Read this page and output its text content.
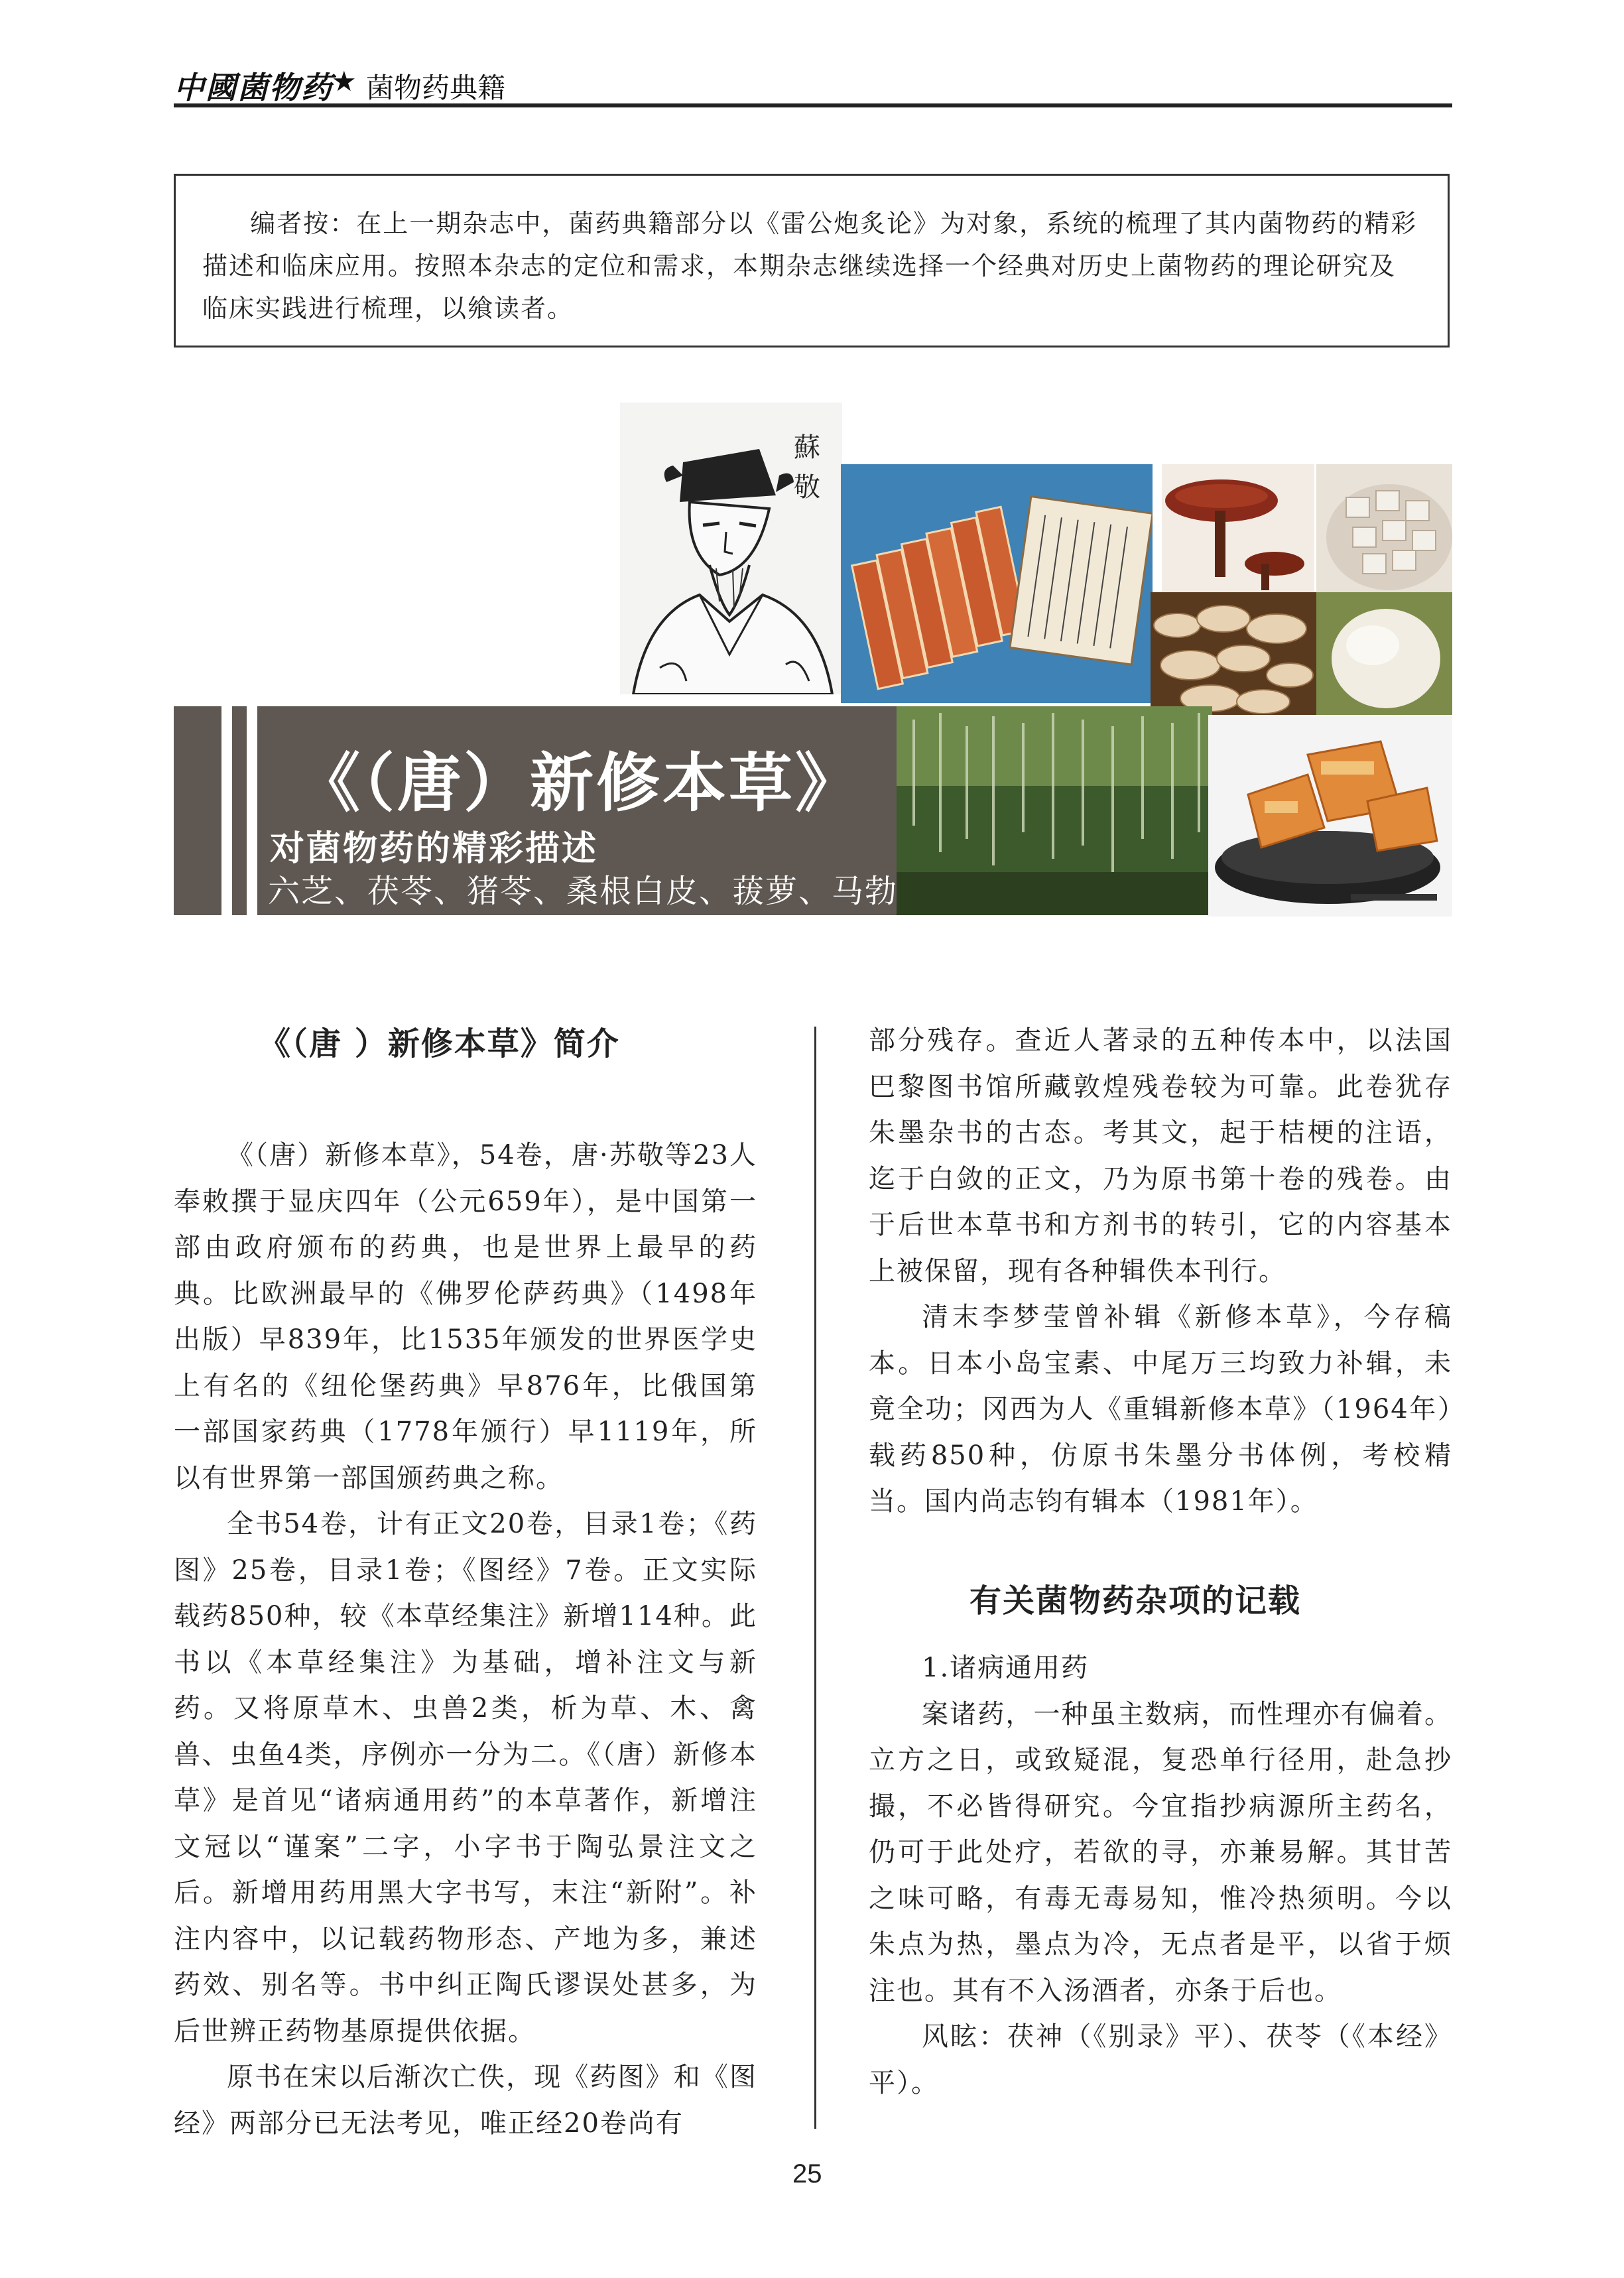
中國菌物药
★ 菌物药典籍

编者按：在上一期杂志中，菌药典籍部分以《雷公炮炙论》为对象，系统的梳理了其内菌物药的精彩描述和临床应用。按照本杂志的定位和需求，本期杂志继续选择一个经典对历史上菌物药的理论研究及临床实践进行梳理，以飨读者。

蘇敬
《（唐）新修本草》
对菌物药的精彩描述
六芝、茯苓、猪苓、桑根白皮、菝萝、马勃
《（唐 ）新修本草》简介

《（唐）新修本草》，54卷，唐·苏敬等23人奉敕撰于显庆四年（公元659年），是中国第一部由政府颁布的药典，也是世界上最早的药典。比欧洲最早的《佛罗伦萨药典》（1498年出版）早839年，比1535年颁发的世界医学史上有名的《纽伦堡药典》早876年，比俄国第一部国家药典（1778年颁行）早1119年，所以有世界第一部国颁药典之称。

全书54卷，计有正文20卷，目录1卷；《药图》25卷，目录1卷；《图经》7卷。正文实际载药850种，较《本草经集注》新增114种。此书以《本草经集注》为基础，增补注文与新药。又将原草木、虫兽2类，析为草、木、禽兽、虫鱼4类，序例亦一分为二。《（唐）新修本草》是首见“诸病通用药”的本草著作，新增注文冠以“谨案”二字，小字书于陶弘景注文之后。新增用药用黑大字书写，末注“新附”。补注内容中，以记载药物形态、产地为多，兼述药效、别名等。书中纠正陶氏谬误处甚多，为后世辨正药物基原提供依据。

原书在宋以后渐次亡佚，现《药图》和《图经》两部分已无法考见，唯正经20卷尚有

部分残存。查近人著录的五种传本中，以法国巴黎图书馆所藏敦煌残卷较为可靠。此卷犹存朱墨杂书的古态。考其文，起于桔梗的注语，迄于白敛的正文，乃为原书第十卷的残卷。由于后世本草书和方剂书的转引，它的内容基本上被保留，现有各种辑佚本刊行。

清末李梦莹曾补辑《新修本草》，今存稿本。日本小岛宝素、中尾万三均致力补辑，未竟全功；冈西为人《重辑新修本草》（1964年）载药850种，仿原书朱墨分书体例，考校精当。国内尚志钧有辑本（1981年）。

有关菌物药杂项的记载

1.诸病通用药

案诸药，一种虽主数病，而性理亦有偏着。立方之日，或致疑混，复恐单行径用，赴急抄撮，不必皆得研究。今宜指抄病源所主药名，仍可于此处疗，若欲的寻，亦兼易解。其甘苦之味可略，有毒无毒易知，惟冷热须明。今以朱点为热，墨点为冷，无点者是平，以省于烦注也。其有不入汤酒者，亦条于后也。

风眩：茯神（《别录》平）、茯苓（《本经》平）。

25
